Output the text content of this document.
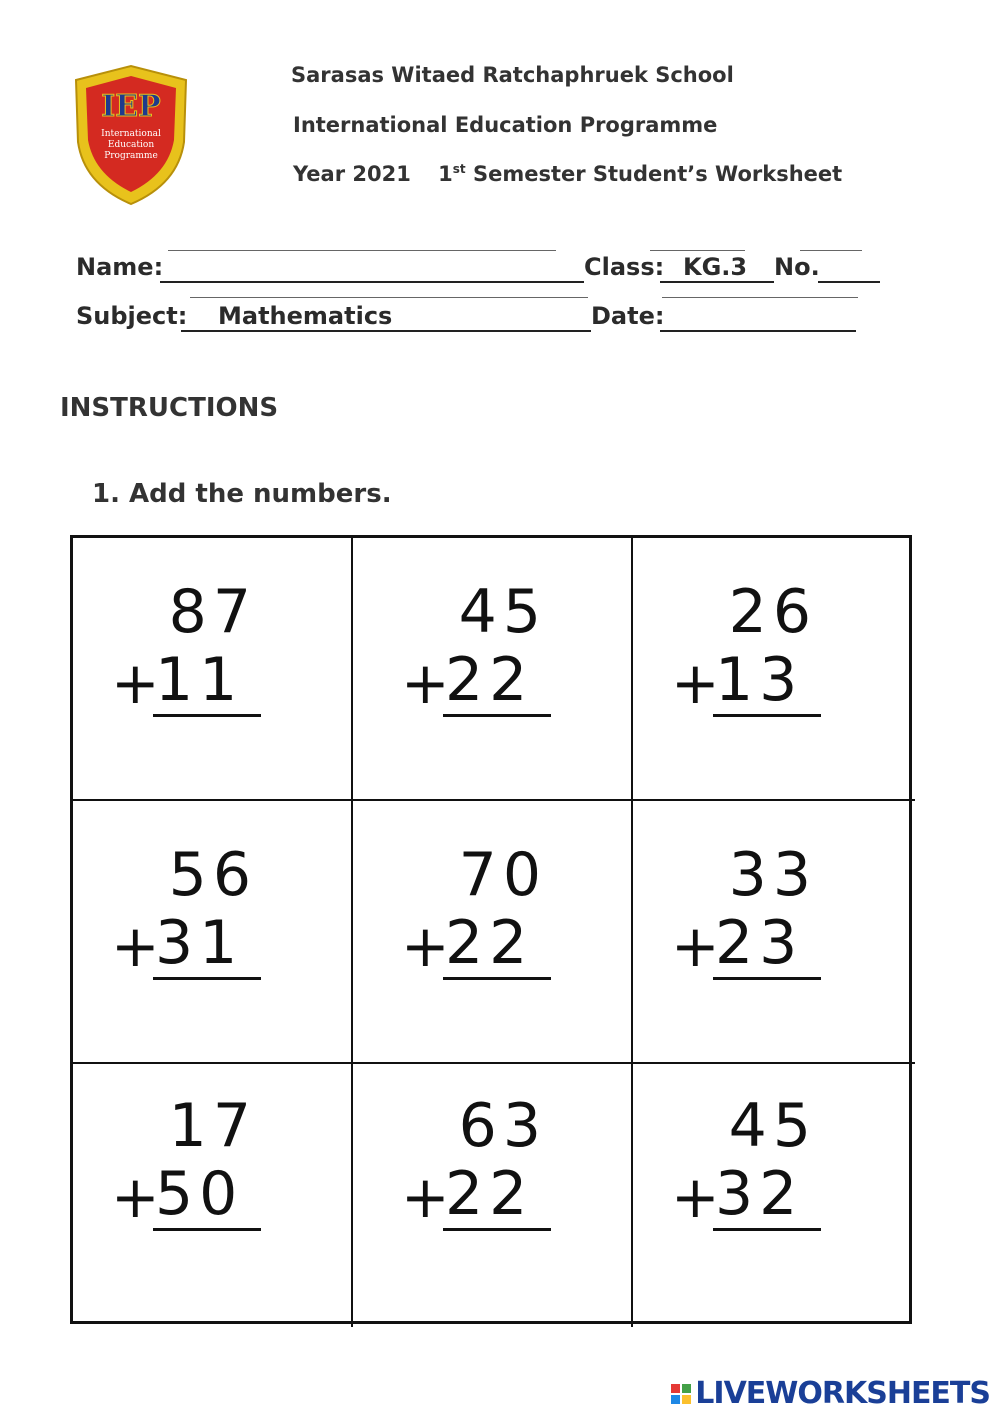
IEP
International
Education
Programme
Sarasas Witaed Ratchaphruek School
International Education Programme
Year 2021 1st Semester Student’s Worksheet
Name:	Class: KG.3 No.
Subject: Mathematics	Date:
INSTRUCTIONS
1. Add the numbers.
87
+
11
45
+
22
26
+
13
56
+
31
70
+
22
33
+
23
17
+
50
63
+
22
45
+
32
LIVEWORKSHEETS
